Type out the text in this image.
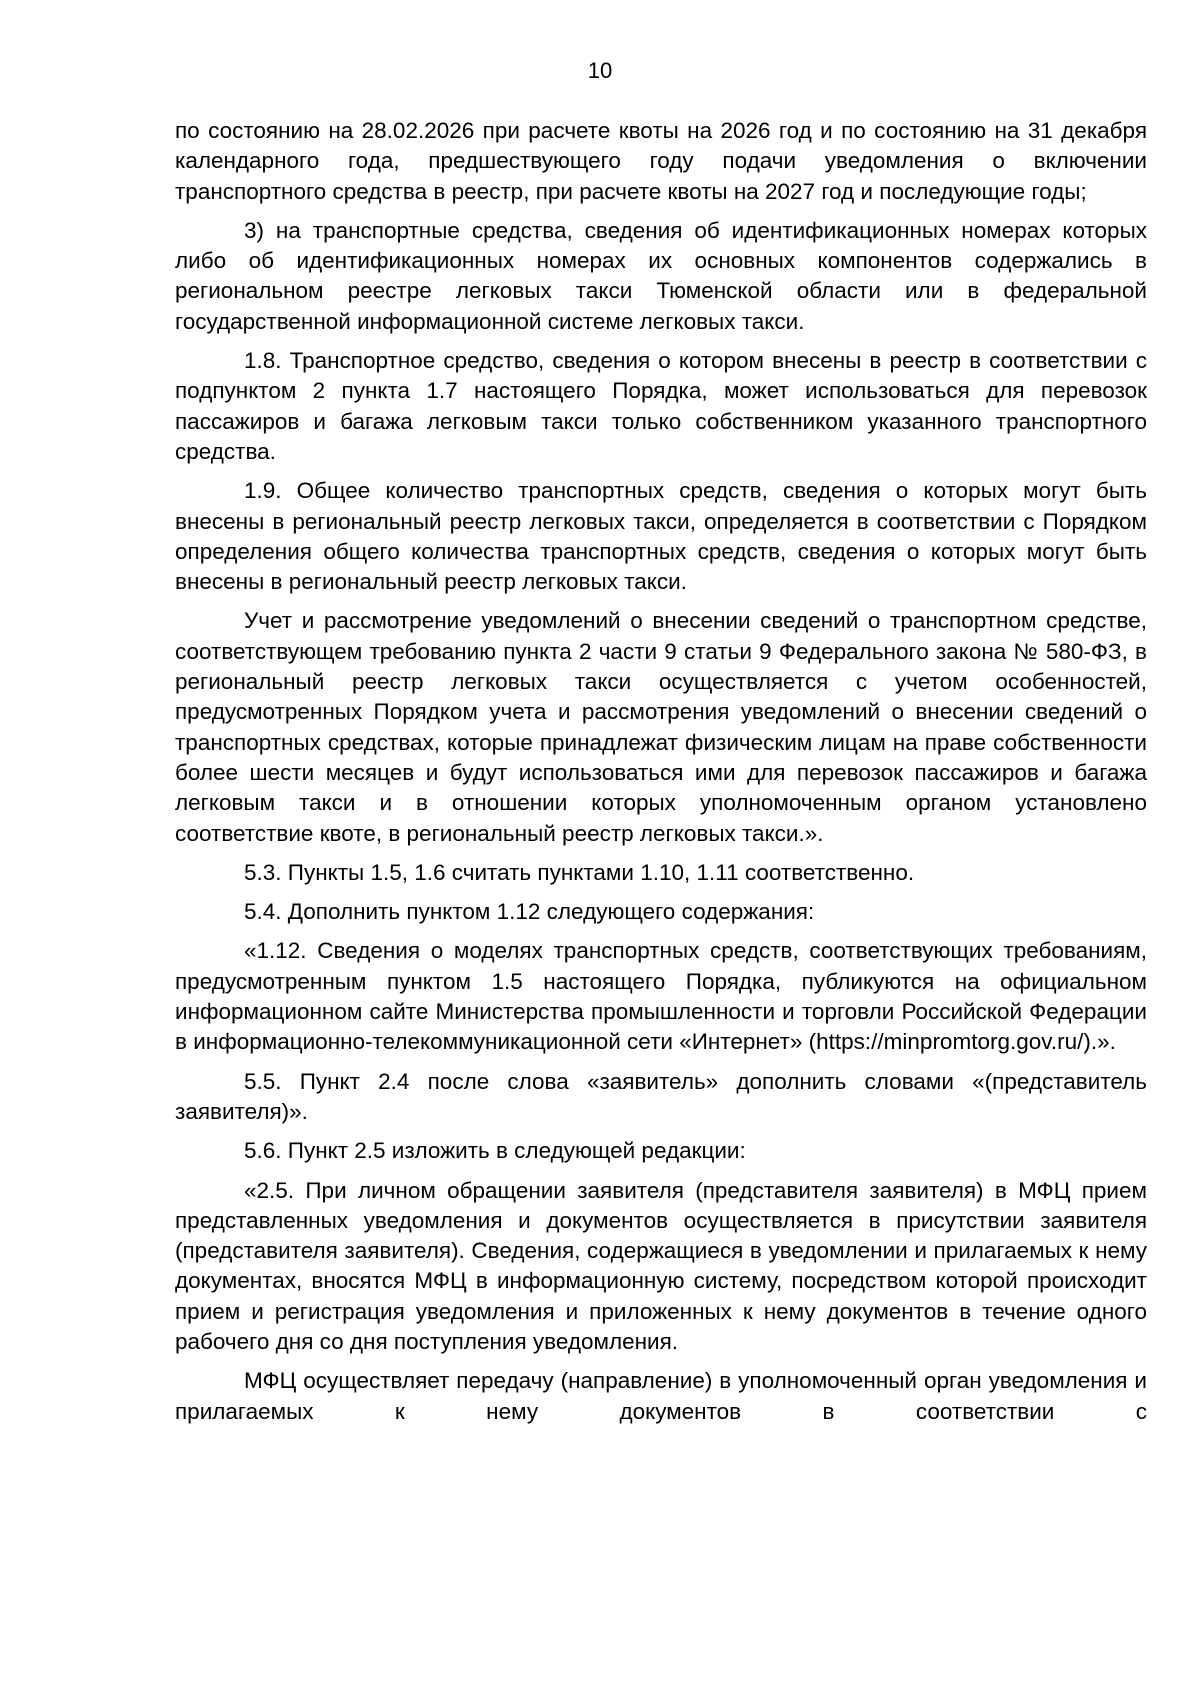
10

по состоянию на 28.02.2026 при расчете квоты на 2026 год и по состоянию на 31 декабря календарного года, предшествующего году подачи уведомления о включении транспортного средства в реестр, при расчете квоты на 2027 год и последующие годы;

3) на транспортные средства, сведения об идентификационных номерах которых либо об идентификационных номерах их основных компонентов содержались в региональном реестре легковых такси Тюменской области или в федеральной государственной информационной системе легковых такси.

1.8. Транспортное средство, сведения о котором внесены в реестр в соответствии с подпунктом 2 пункта 1.7 настоящего Порядка, может использоваться для перевозок пассажиров и багажа легковым такси только собственником указанного транспортного средства.

1.9. Общее количество транспортных средств, сведения о которых могут быть внесены в региональный реестр легковых такси, определяется в соответствии с Порядком определения общего количества транспортных средств, сведения о которых могут быть внесены в региональный реестр легковых такси.

Учет и рассмотрение уведомлений о внесении сведений о транспортном средстве, соответствующем требованию пункта 2 части 9 статьи 9 Федерального закона № 580-ФЗ, в региональный реестр легковых такси осуществляется с учетом особенностей, предусмотренных Порядком учета и рассмотрения уведомлений о внесении сведений о транспортных средствах, которые принадлежат физическим лицам на праве собственности более шести месяцев и будут использоваться ими для перевозок пассажиров и багажа легковым такси и в отношении которых уполномоченным органом установлено соответствие квоте, в региональный реестр легковых такси.».

5.3. Пункты 1.5, 1.6 считать пунктами 1.10, 1.11 соответственно.

5.4. Дополнить пунктом 1.12 следующего содержания:

«1.12. Сведения о моделях транспортных средств, соответствующих требованиям, предусмотренным пунктом 1.5 настоящего Порядка, публикуются на официальном информационном сайте Министерства промышленности и торговли Российской Федерации в информационно-телекоммуникационной сети «Интернет» (https://minpromtorg.gov.ru/).».

5.5. Пункт 2.4 после слова «заявитель» дополнить словами «(представитель заявителя)».

5.6. Пункт 2.5 изложить в следующей редакции:

«2.5. При личном обращении заявителя (представителя заявителя) в МФЦ прием представленных уведомления и документов осуществляется в присутствии заявителя (представителя заявителя). Сведения, содержащиеся в уведомлении и прилагаемых к нему документах, вносятся МФЦ в информационную систему, посредством которой происходит прием и регистрация уведомления и приложенных к нему документов в течение одного рабочего дня со дня поступления уведомления.

МФЦ осуществляет передачу (направление) в уполномоченный орган уведомления и прилагаемых к нему документов в соответствии с
